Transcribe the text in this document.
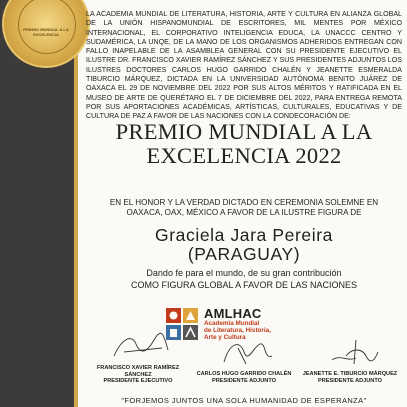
PREMIO MUNDIAL A LA EXCELENCIA
LA ACADEMIA MUNDIAL DE LITERATURA, HISTORIA, ARTE Y CULTURA EN ALIANZA GLOBAL DE LA UNIÓN HISPANOMUNDIAL DE ESCRITORES, MIL MENTES POR MÉXICO INTERNACIONAL, EL CORPORATIVO INTELIGENCIA EDUCA, LA UNACCC CENTRO Y SUDAMÉRICA, LA UNQE, DE LA MANO DE LOS ORGANISMOS ADHERIDOS ENTREGAN CON FALLO INAPELABLE DE LA ASAMBLEA GENERAL CON SU PRESIDENTE EJECUTIVO EL ILUSTRE DR. FRANCISCO XAVIER RAMÍREZ SÁNCHEZ Y SUS PRESIDENTES ADJUNTOS LOS ILUSTRES DOCTORES CARLOS HUGO GARRIDO CHALÉN Y JEANETTE ESMERALDA TIBURCIO MÁRQUEZ, DICTADA EN LA UNIVERSIDAD AUTÓNOMA BENITO JUÁREZ DE OAXACA EL 29 DE NOVIEMBRE DEL 2022 POR SUS ALTOS MÉRITOS Y RATIFICADA EN EL MUSEO DE ARTE DE QUERÉTARO EL 7 DE DICIEMBRE DEL 2022, PARA ENTREGA REMOTA POR SUS APORTACIONES ACADÉMICAS, ARTÍSTICAS, CULTURALES, EDUCATIVAS Y DE CULTURA DE PAZ A FAVOR DE LAS NACIONES CON LA CONDECORACIÓN DE:
PREMIO MUNDIAL A LA
EXCELENCIA 2022
EN EL HONOR Y LA VERDAD DICTADO EN CEREMONIA SOLEMNE EN
OAXACA, OAX, MÉXICO A FAVOR DE LA ILUSTRE FIGURA DE
Graciela Jara Pereira
(PARAGUAY)
Dando fe para el mundo, de su gran contribución
COMO FIGURA GLOBAL A FAVOR DE LAS NACIONES
AMLHAC
Academia Mundial
de Literatura, Historia,
Arte y Cultura
FRANCISCO XAVIER RAMÍREZ SÁNCHEZ
PRESIDENTE EJECUTIVO
CARLOS HUGO GARRIDO CHALÉN
PRESIDENTE ADJUNTO
JEANETTE E. TIBURCIO MÁRQUEZ
PRESIDENTE ADJUNTO
"FORJEMOS JUNTOS UNA SOLA HUMANIDAD DE ESPERANZA"
